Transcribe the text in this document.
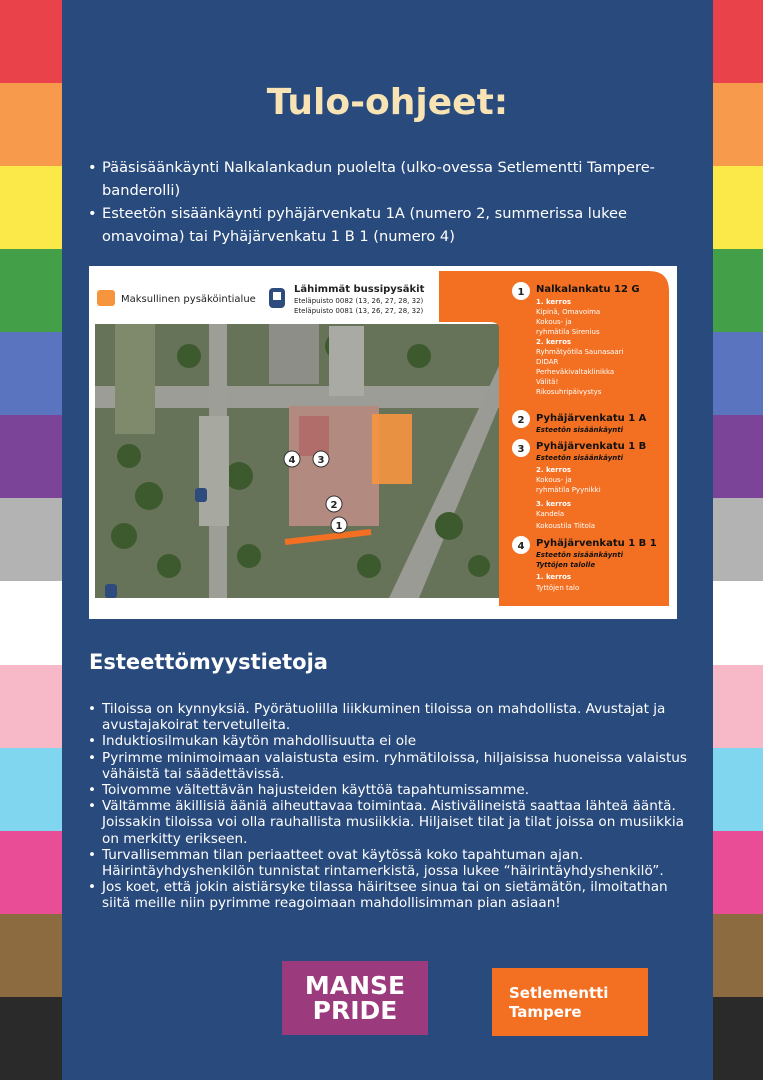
Tulo-ohjeet:
• Pääsisäänkäynti Nalkalankadun puolelta (ulko-ovessa Setlementti Tampere-banderolli)
• Esteetön sisäänkäynti pyhäjärvenkatu 1A (numero 2, summerissa lukee omavoima) tai Pyhäjärvenkatu 1 B 1 (numero 4)
4 3
2
1
Maksullinen pysäköintialue
Lähimmät bussipysäkit
Eteläpuisto 0082 (13, 26, 27, 28, 32)
Eteläpuisto 0081 (13, 26, 27, 28, 32)
1 Nalkalankatu 12 G
1. kerros
Kipinä, Omavoima
Kokous- ja
ryhmätila Sirenius
2. kerros
Ryhmätyötila Saunasaari
DIDAR
Perheväkivaltaklinikka
Välitä!
Rikosuhripäivystys
2 Pyhäjärvenkatu 1 A
Esteetön sisäänkäynti
3 Pyhäjärvenkatu 1 B
Esteetön sisäänkäynti
2. kerros
Kokous- ja
ryhmätila Pyynikki
3. kerros
Kandela
Kokoustila Tiitola
4 Pyhäjärvenkatu 1 B 1
Esteetön sisäänkäynti
Tyttöjen talolle
1. kerros
Tyttöjen talo
Esteettömyystietoja
• Tiloissa on kynnyksiä. Pyörätuolilla liikkuminen tiloissa on mahdollista. Avustajat ja avustajakoirat tervetulleita.
• Induktiosilmukan käytön mahdollisuutta ei ole
• Pyrimme minimoimaan valaistusta esim. ryhmätiloissa, hiljaisissa huoneissa valaistus vähäistä tai säädettävissä.
• Toivomme vältettävän hajusteiden käyttöä tapahtumissamme.
• Vältämme äkillisiä ääniä aiheuttavaa toimintaa. Aistivälineistä saattaa lähteä ääntä. Joissakin tiloissa voi olla rauhallista musiikkia. Hiljaiset tilat ja tilat joissa on musiikkia on merkitty erikseen.
• Turvallisemman tilan periaatteet ovat käytössä koko tapahtuman ajan. Häirintäyhdyshenkilön tunnistat rintamerkistä, jossa lukee “häirintäyhdyshenkilö”.
• Jos koet, että jokin aistiärsyke tilassa häiritsee sinua tai on sietämätön, ilmoitathan siitä meille niin pyrimme reagoimaan mahdollisimman pian asiaan!
MANSE
PRIDE
Setlementti
Tampere
